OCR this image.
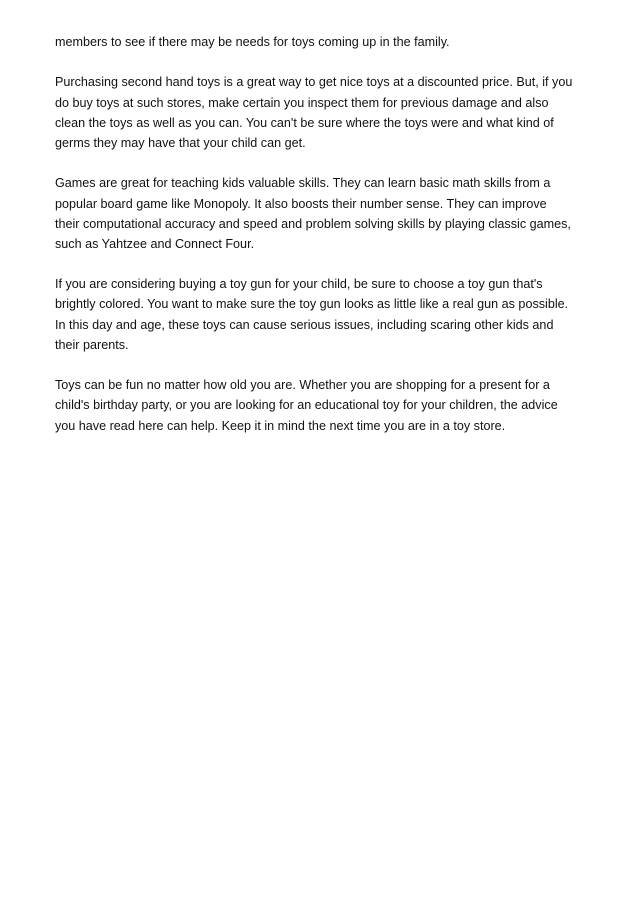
members to see if there may be needs for toys coming up in the family.

Purchasing second hand toys is a great way to get nice toys at a discounted price. But, if you
do buy toys at such stores, make certain you inspect them for previous damage and also
clean the toys as well as you can. You can't be sure where the toys were and what kind of
germs they may have that your child can get.

Games are great for teaching kids valuable skills. They can learn basic math skills from a
popular board game like Monopoly. It also boosts their number sense. They can improve
their computational accuracy and speed and problem solving skills by playing classic games,
such as Yahtzee and Connect Four.

If you are considering buying a toy gun for your child, be sure to choose a toy gun that's
brightly colored. You want to make sure the toy gun looks as little like a real gun as possible.
In this day and age, these toys can cause serious issues, including scaring other kids and
their parents.

Toys can be fun no matter how old you are. Whether you are shopping for a present for a
child's birthday party, or you are looking for an educational toy for your children, the advice
you have read here can help. Keep it in mind the next time you are in a toy store.
